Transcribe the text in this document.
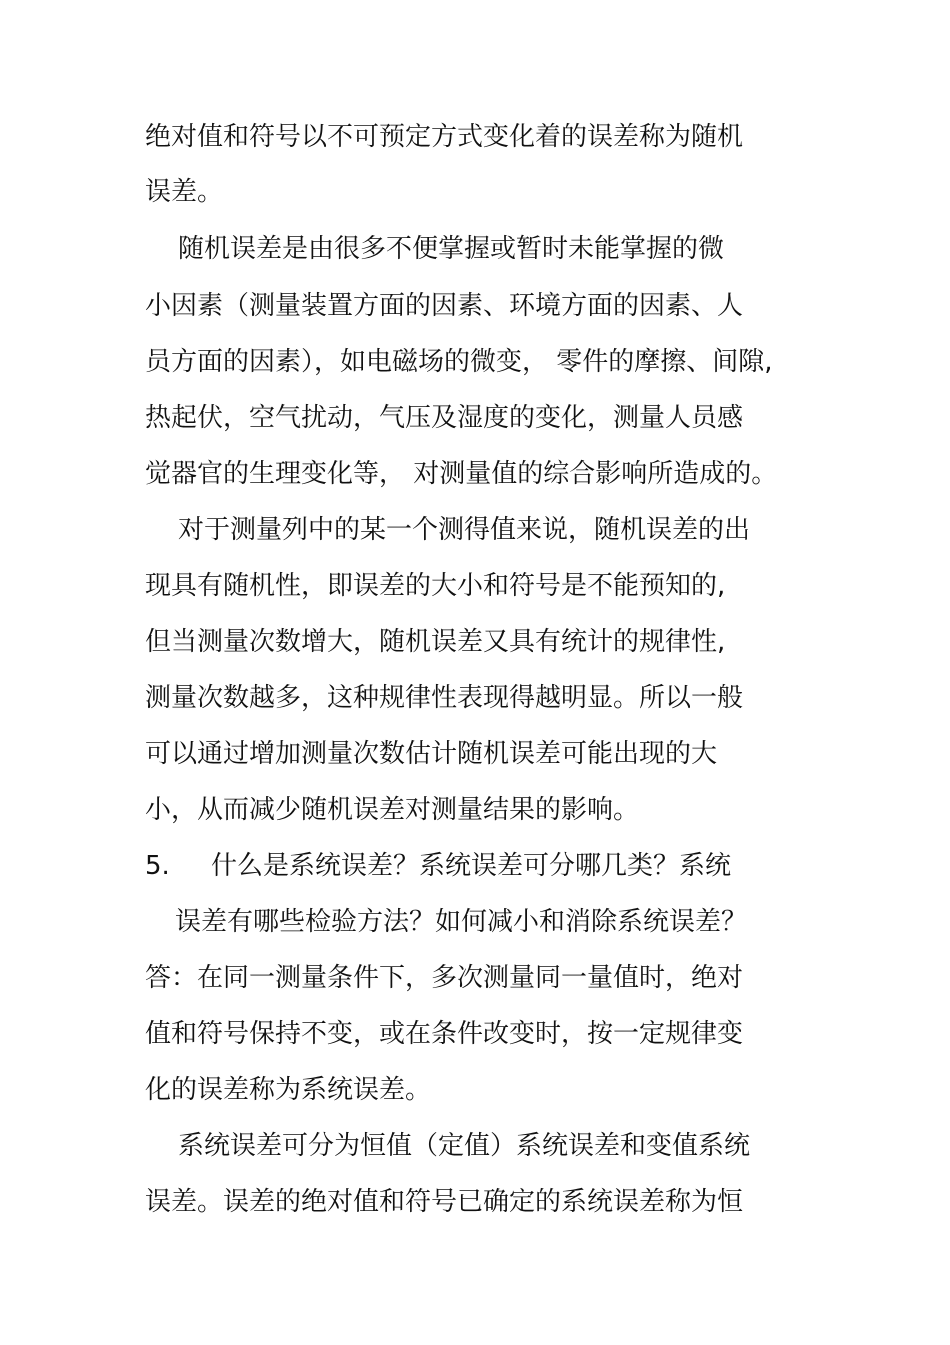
绝对值和符号以不可预定方式变化着的误差称为随机
误差。
随机误差是由很多不便掌握或暂时未能掌握的微
小因素（测量装置方面的因素、环境方面的因素、人
员方面的因素），如电磁场的微变， 零件的摩擦、间隙,
热起伏，空气扰动，气压及湿度的变化，测量人员感
觉器官的生理变化等， 对测量值的综合影响所造成的。
对于测量列中的某一个测得值来说，随机误差的出
现具有随机性，即误差的大小和符号是不能预知的,
但当测量次数增大，随机误差又具有统计的规律性,
测量次数越多，这种规律性表现得越明显。所以一般
可以通过增加测量次数估计随机误差可能出现的大
小，从而减少随机误差对测量结果的影响。
5. 什么是系统误差？系统误差可分哪几类？系统
误差有哪些检验方法？如何减小和消除系统误差？
答：在同一测量条件下，多次测量同一量值时，绝对
值和符号保持不变，或在条件改变时，按一定规律变
化的误差称为系统误差。
系统误差可分为恒值（定值）系统误差和变值系统
误差。误差的绝对值和符号已确定的系统误差称为恒
